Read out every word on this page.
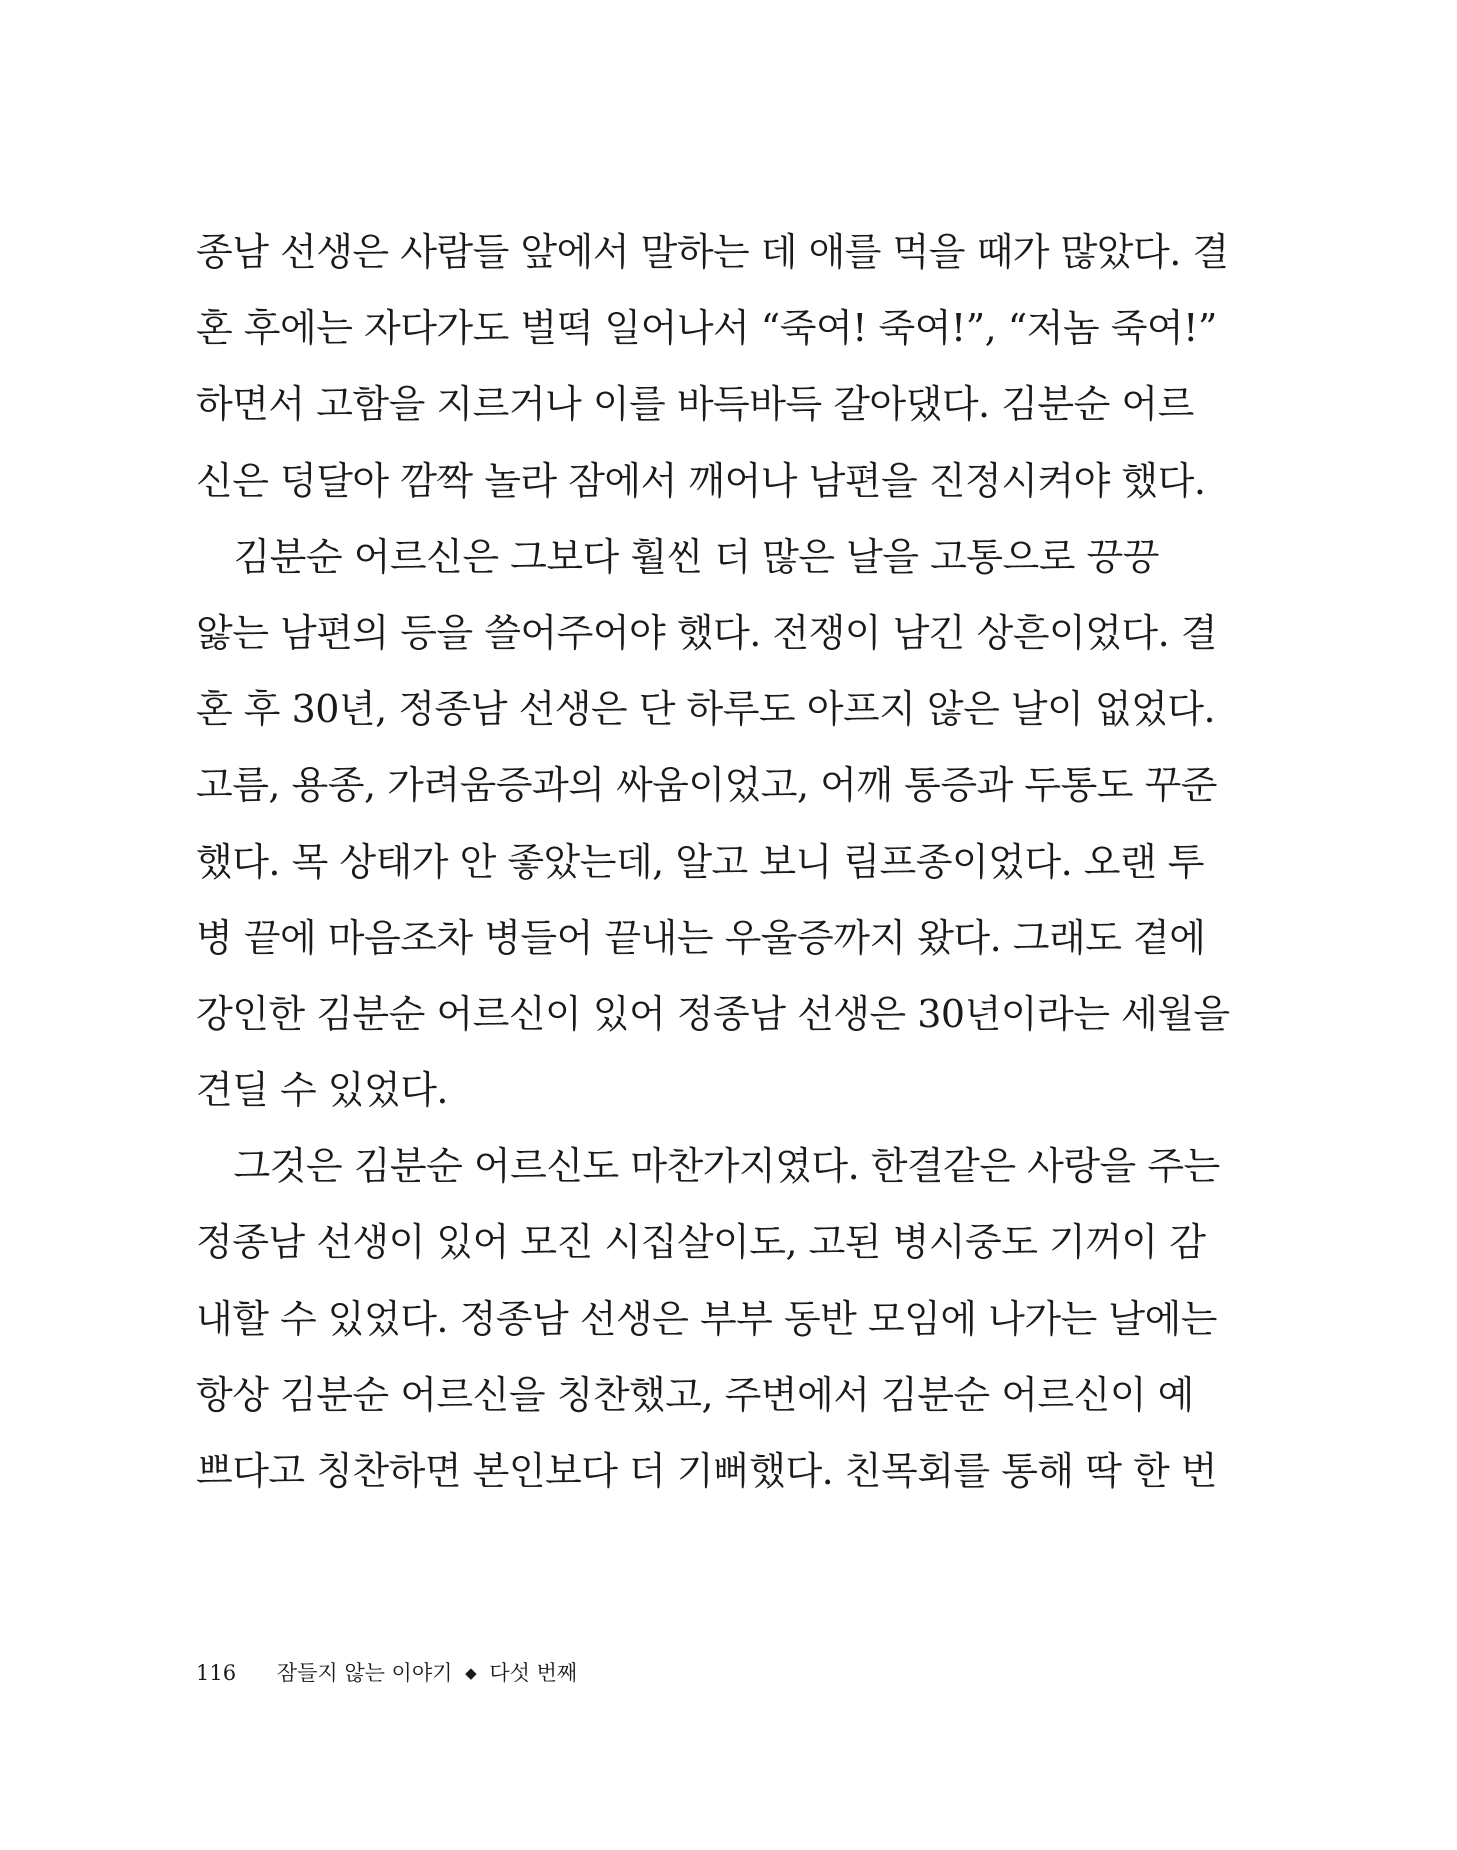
종남 선생은 사람들 앞에서 말하는 데 애를 먹을 때가 많았다. 결
혼 후에는 자다가도 벌떡 일어나서 “죽여! 죽여!”, “저놈 죽여!”
하면서 고함을 지르거나 이를 바득바득 갈아댔다. 김분순 어르
신은 덩달아 깜짝 놀라 잠에서 깨어나 남편을 진정시켜야 했다.
　김분순 어르신은 그보다 훨씬 더 많은 날을 고통으로 끙끙
앓는 남편의 등을 쓸어주어야 했다. 전쟁이 남긴 상흔이었다. 결
혼 후 30년, 정종남 선생은 단 하루도 아프지 않은 날이 없었다.
고름, 용종, 가려움증과의 싸움이었고, 어깨 통증과 두통도 꾸준
했다. 목 상태가 안 좋았는데, 알고 보니 림프종이었다. 오랜 투
병 끝에 마음조차 병들어 끝내는 우울증까지 왔다. 그래도 곁에
강인한 김분순 어르신이 있어 정종남 선생은 30년이라는 세월을
견딜 수 있었다.
　그것은 김분순 어르신도 마찬가지였다. 한결같은 사랑을 주는
정종남 선생이 있어 모진 시집살이도, 고된 병시중도 기꺼이 감
내할 수 있었다. 정종남 선생은 부부 동반 모임에 나가는 날에는
항상 김분순 어르신을 칭찬했고, 주변에서 김분순 어르신이 예
쁘다고 칭찬하면 본인보다 더 기뻐했다. 친목회를 통해 딱 한 번
116 잠들지 않는 이야기 ◆ 다섯 번째
